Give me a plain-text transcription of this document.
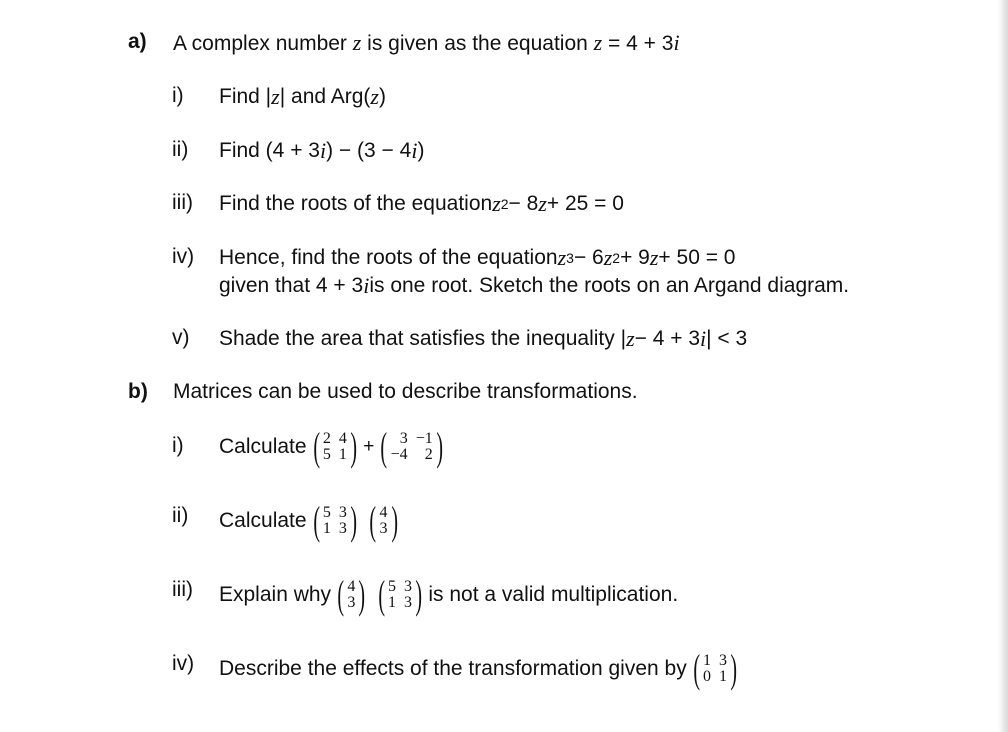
a) A complex number z is given as the equation z = 4 + 3i
i) Find | z | and Arg( z )
ii) Find (4 + 3 i ) − (3 − 4 i )
iii) Find the roots of the equation z 2 − 8 z + 25 = 0
iv) Hence, find the roots of the equation z 3 − 6 z 2 + 9 z + 50 = 0
given that 4 + 3 i is one root. Sketch the roots on an Argand diagram.
v) Shade the area that satisfies the inequality | z − 4 + 3 i | < 3
b) Matrices can be used to describe transformations.
i) Calculate ( 2 4
5 1 ) + ( 3 −1
−4	2 )
ii) Calculate ( 5 3
1 3 ) ( 4
3 )
iii) Explain why ( 4
3 ) ( 5 3
1 3 ) is not a valid multiplication.
iv) Describe the effects of the transformation given by ( 1 3
0 1 )
